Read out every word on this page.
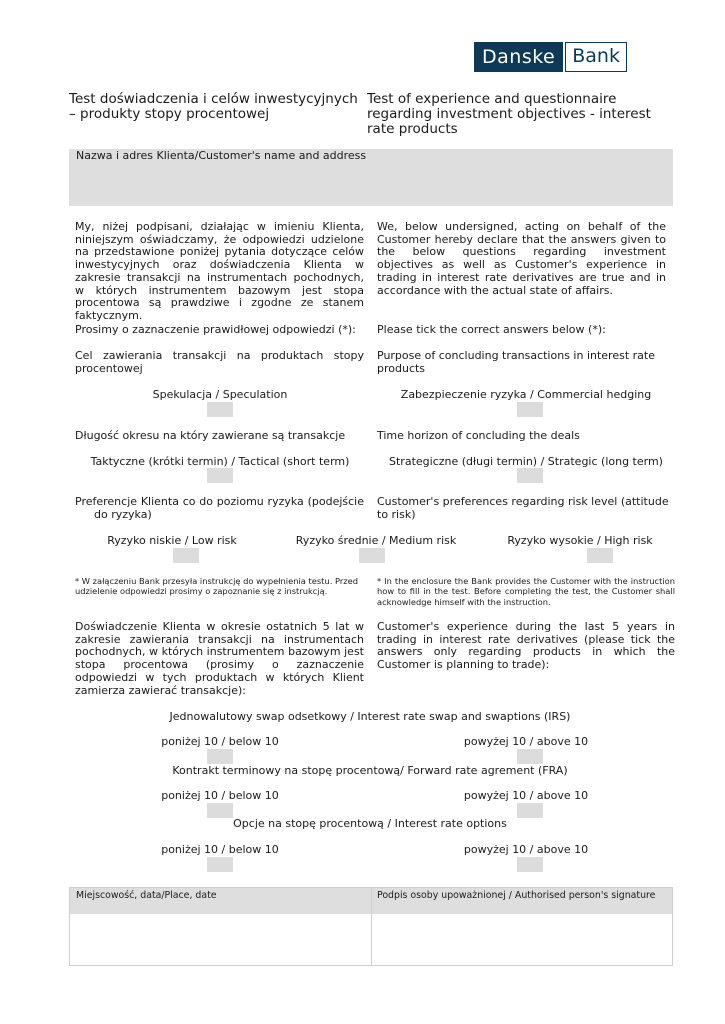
Danske Bank
Test doświadczenia i celów inwestycyjnych
– produkty stopy procentowej
Test of experience and questionnaire
regarding investment objectives - interest
rate products
Nazwa i adres Klienta/Customer's name and address
My, niżej podpisani, działając w imieniu Klienta, niniejszym oświadczamy, że odpowiedzi udzielone na przedstawione poniżej pytania dotyczące celów inwestycyjnych oraz doświadczenia Klienta w zakresie transakcji na instrumentach pochodnych, w których instrumentem bazowym jest stopa procentowa są prawdziwe i zgodne ze stanem faktycznym.
We, below undersigned, acting on behalf of the Customer hereby declare that the answers given to the below questions regarding investment objectives as well as Customer's experience in trading in interest rate derivatives are true and in accordance with the actual state of affairs.
Prosimy o zaznaczenie prawidłowej odpowiedzi (*):	Please tick the correct answers below (*):
Cel zawierania transakcji na produktach stopy procentowej
Purpose of concluding transactions in interest rate products
Spekulacja / Speculation	Zabezpieczenie ryzyka / Commercial hedging
Długość okresu na który zawierane są transakcje	Time horizon of concluding the deals
Taktyczne (krótki termin) / Tactical (short term)	Strategiczne (długi termin) / Strategic (long term)
Preferencje Klienta co do poziomu ryzyka (podejście do ryzyka)
Customer's preferences regarding risk level (attitude to risk)
Ryzyko niskie / Low risk	Ryzyko średnie / Medium risk	Ryzyko wysokie / High risk
* W załączeniu Bank przesyła instrukcję do wypełnienia testu. Przed udzielenie odpowiedzi prosimy o zapoznanie się z instrukcją.
* In the enclosure the Bank provides the Customer with the instruction how to fill in the test. Before completing the test, the Customer shall acknowledge himself with the instruction.
Doświadczenie Klienta w okresie ostatnich 5 lat w zakresie zawierania transakcji na instrumentach pochodnych, w których instrumentem bazowym jest stopa procentowa (prosimy o zaznaczenie odpowiedzi w tych produktach w których Klient zamierza zawierać transakcje):
Customer's experience during the last 5 years in trading in interest rate derivatives (please tick the answers only regarding products in which the Customer is planning to trade):
Jednowalutowy swap odsetkowy / Interest rate swap and swaptions (IRS)
poniżej 10 / below 10	powyżej 10 / above 10
Kontrakt terminowy na stopę procentową/ Forward rate agrement (FRA)
poniżej 10 / below 10	powyżej 10 / above 10
Opcje na stopę procentową / Interest rate options
poniżej 10 / below 10	powyżej 10 / above 10
Miejscowość, data/Place, date	Podpis osoby upoważnionej / Authorised person's signature
